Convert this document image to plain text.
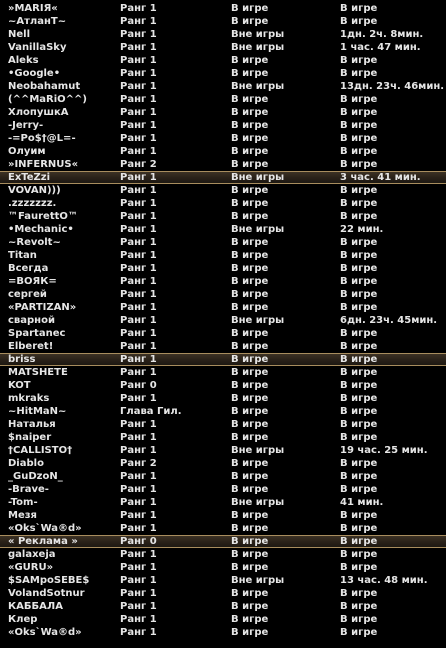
»MARIЯ«	Ранг 1	В игре	В игре
~АтланТ~	Ранг 1	В игре	В игре
Nell	Ранг 1	Вне игры	1дн. 2ч. 8мин.
VanillaSky	Ранг 1	Вне игры	1 час. 47 мин.
Aleks	Ранг 1	В игре	В игре
•Google•	Ранг 1	В игре	В игре
Neobahamut	Ранг 1	Вне игры	13дн. 23ч. 46мин.
(^^MaRiO^^)	Ранг 1	В игре	В игре
ХлопушкА	Ранг 1	В игре	В игре
-Jerry-	Ранг 1	В игре	В игре
-=Po$†@L=-	Ранг 1	В игре	В игре
Олуим	Ранг 1	В игре	В игре
»INFERNUS«	Ранг 2	В игре	В игре
ExTeZzi	Ранг 1	Вне игры	3 час. 41 мин.
VOVAN)))	Ранг 1	В игре	В игре
.zzzzzzz.	Ранг 1	В игре	В игре
™FaurettO™	Ранг 1	В игре	В игре
•Mechanic•	Ранг 1	Вне игры	22 мин.
~Revolt~	Ранг 1	В игре	В игре
Titan	Ранг 1	В игре	В игре
Всегда	Ранг 1	В игре	В игре
=ВОЯК=	Ранг 1	В игре	В игре
сергей	Ранг 1	В игре	В игре
«PARTIZAN»	Ранг 1	В игре	В игре
сварной	Ранг 1	Вне игры	6дн. 23ч. 45мин.
Spartanec	Ранг 1	В игре	В игре
Elberet!	Ранг 1	В игре	В игре
briss	Ранг 1	В игре	В игре
MATSHETE	Ранг 1	В игре	В игре
KOT	Ранг 0	В игре	В игре
mkraks	Ранг 1	В игре	В игре
~HitMaN~	Глава Гил.	В игре	В игре
Наталья	Ранг 1	В игре	В игре
$naiper	Ранг 1	В игре	В игре
†CALLISTO†	Ранг 1	Вне игры	19 час. 25 мин.
Diablo	Ранг 2	В игре	В игре
_GuDzoN_	Ранг 1	В игре	В игре
-Brave-	Ранг 1	В игре	В игре
-Tom-	Ранг 1	Вне игры	41 мин.
Мезя	Ранг 1	В игре	В игре
«Oks`Wa®d»	Ранг 1	В игре	В игре
« Реклама »	Ранг 0	В игре	В игре
galaxeja	Ранг 1	В игре	В игре
«GURU»	Ранг 1	В игре	В игре
$SAMpoSEBE$	Ранг 1	Вне игры	13 час. 48 мин.
VolandSotnur	Ранг 1	В игре	В игре
КАББАЛА	Ранг 1	В игре	В игре
Клер	Ранг 1	В игре	В игре
«Oks`Wa®d»	Ранг 1	В игре	В игре
